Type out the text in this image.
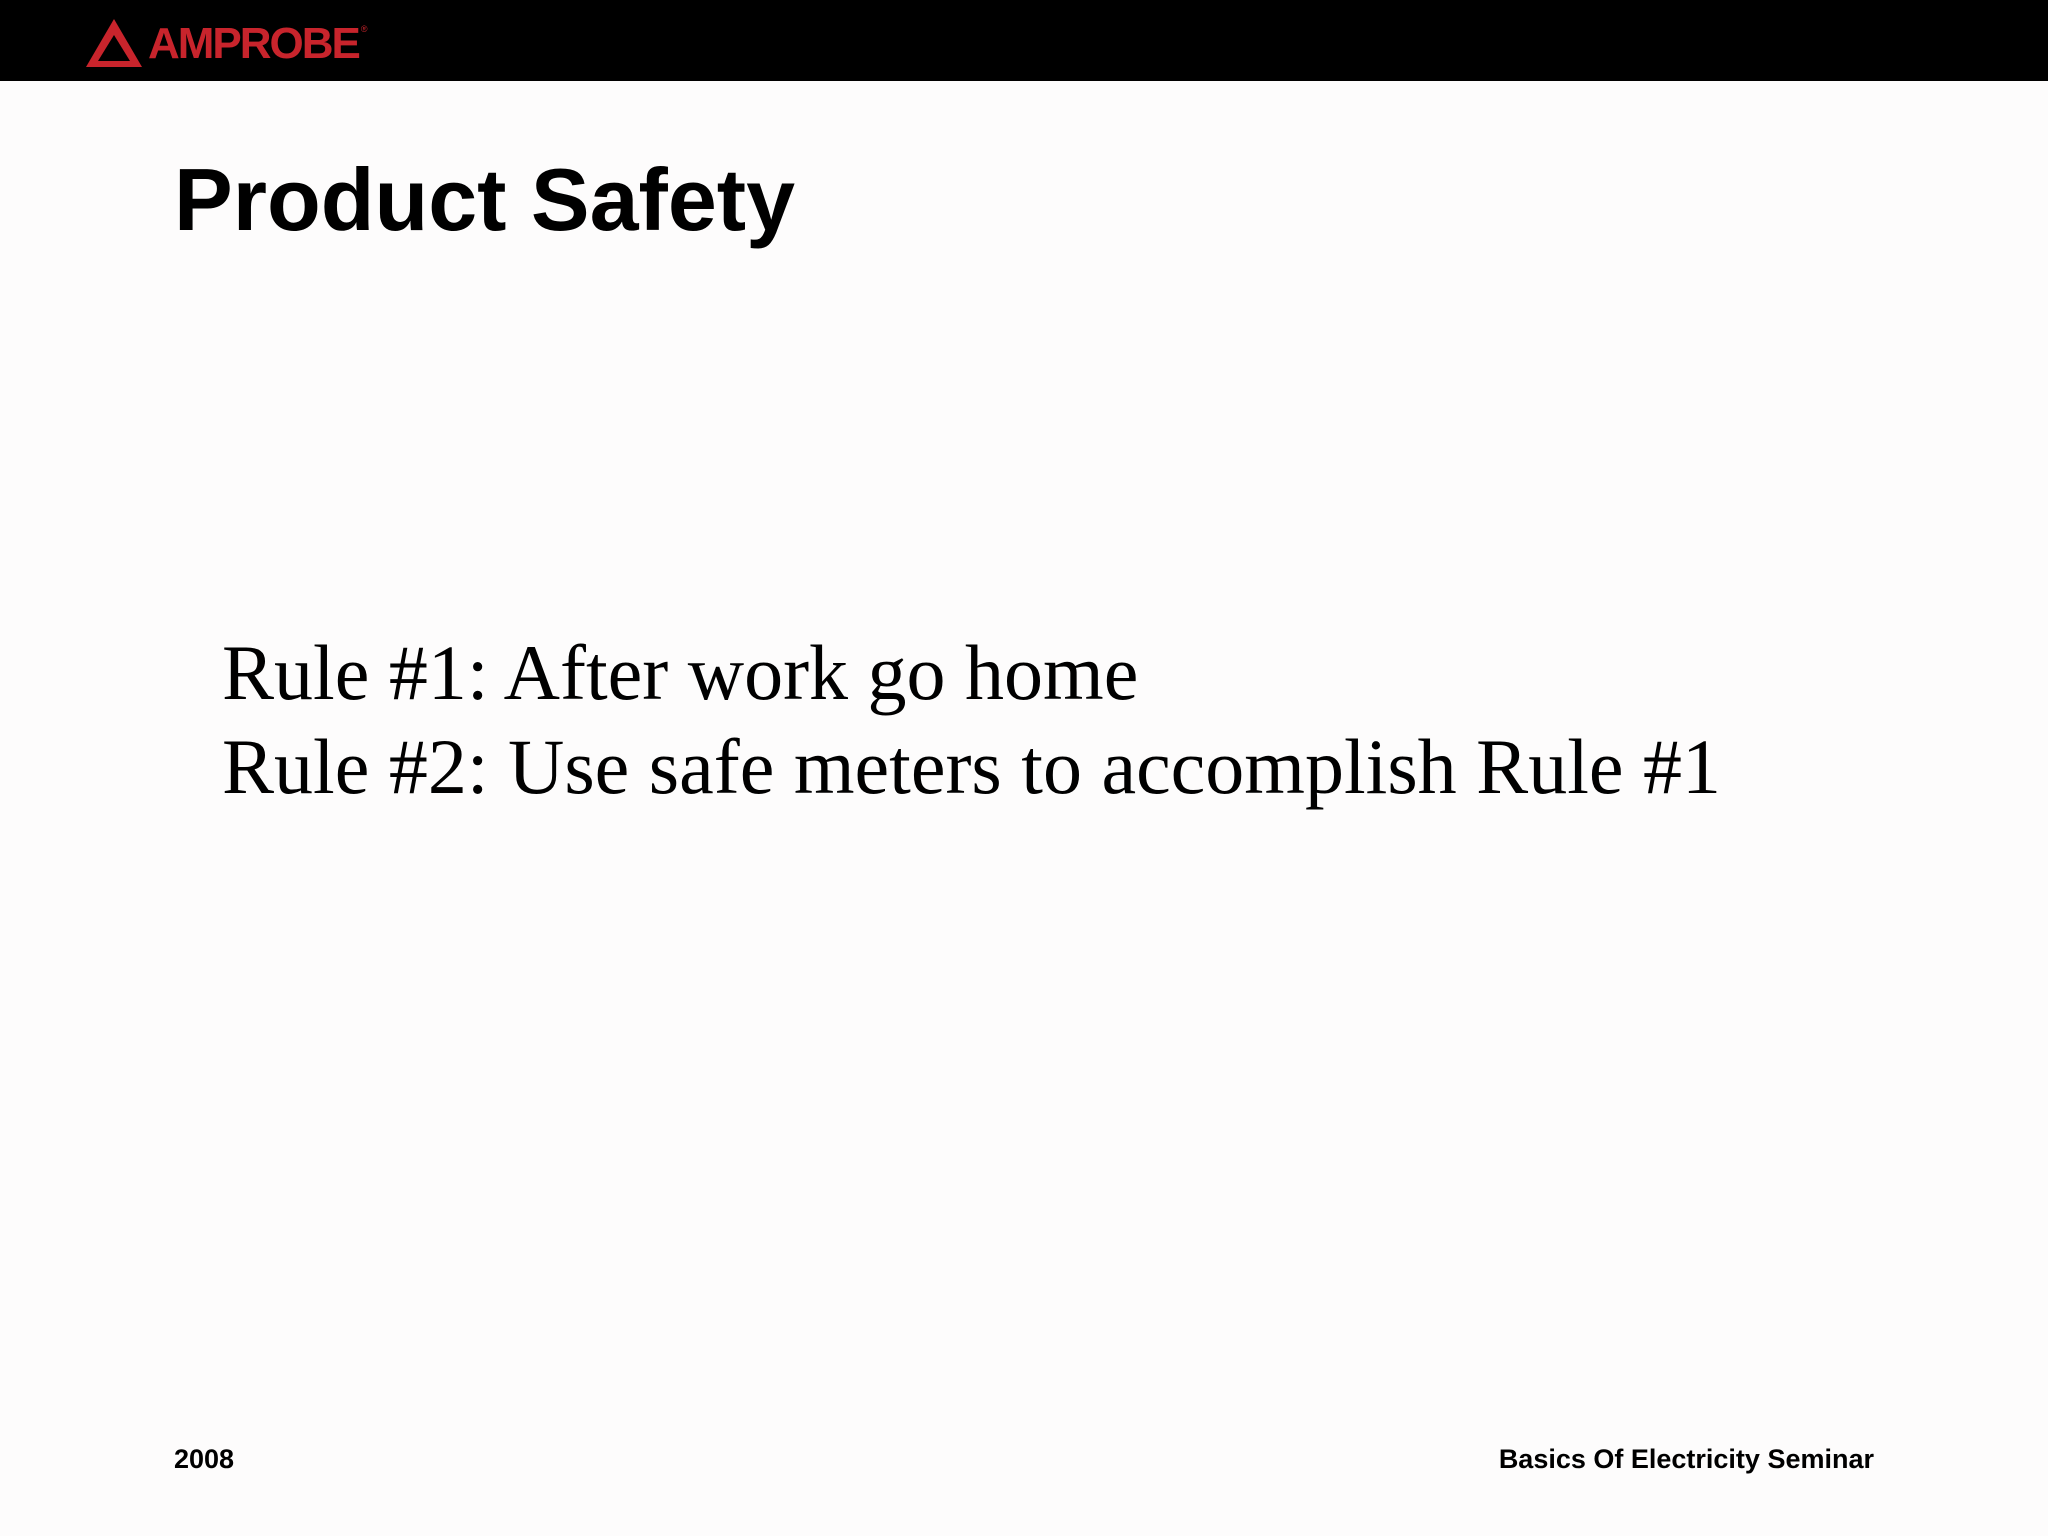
AMPROBE ®
Product Safety
Rule #1: After work go home
Rule #2: Use safe meters to accomplish Rule #1
2008	Basics Of Electricity Seminar
